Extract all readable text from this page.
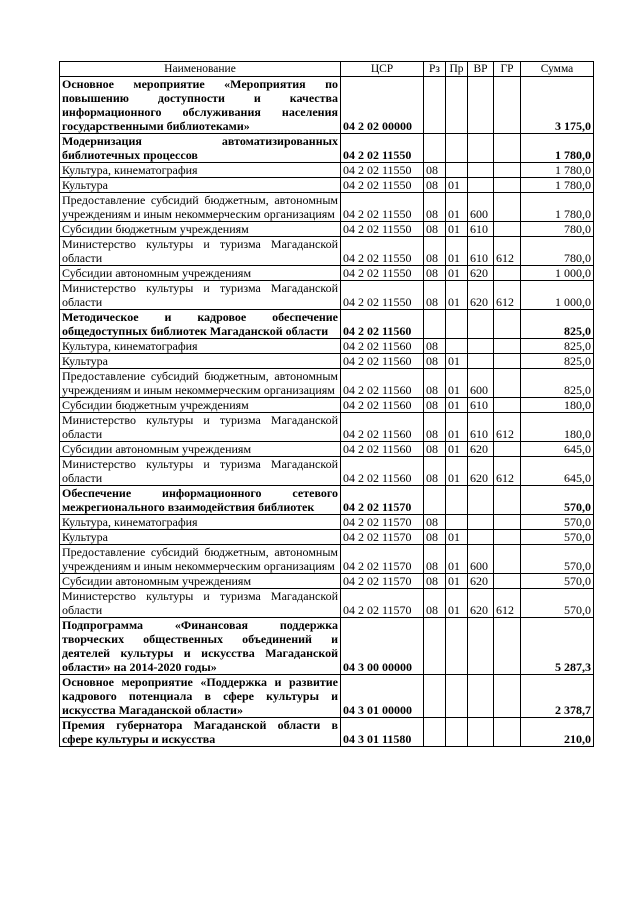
Наименование	ЦСР	Рз	Пр	ВР	ГР	Сумма
Основное мероприятие «Мероприятия по повышению доступности и качества информационного обслуживания населения государственными библиотеками»	04 2 02 00000					3 175,0
Модернизация автоматизированных библиотечных процессов	04 2 02 11550					1 780,0
Культура, кинематография	04 2 02 11550	08				1 780,0
Культура	04 2 02 11550	08	01			1 780,0
Предоставление субсидий бюджетным, автономным учреждениям и иным некоммерческим организациям	04 2 02 11550	08	01	600		1 780,0
Субсидии бюджетным учреждениям	04 2 02 11550	08	01	610		780,0
Министерство культуры и туризма Магаданской области	04 2 02 11550	08	01	610	612	780,0
Субсидии автономным учреждениям	04 2 02 11550	08	01	620		1 000,0
Министерство культуры и туризма Магаданской области	04 2 02 11550	08	01	620	612	1 000,0
Методическое и кадровое обеспечение общедоступных библиотек Магаданской области	04 2 02 11560					825,0
Культура, кинематография	04 2 02 11560	08				825,0
Культура	04 2 02 11560	08	01			825,0
Предоставление субсидий бюджетным, автономным учреждениям и иным некоммерческим организациям	04 2 02 11560	08	01	600		825,0
Субсидии бюджетным учреждениям	04 2 02 11560	08	01	610		180,0
Министерство культуры и туризма Магаданской области	04 2 02 11560	08	01	610	612	180,0
Субсидии автономным учреждениям	04 2 02 11560	08	01	620		645,0
Министерство культуры и туризма Магаданской области	04 2 02 11560	08	01	620	612	645,0
Обеспечение информационного сетевого межрегионального взаимодействия библиотек	04 2 02 11570					570,0
Культура, кинематография	04 2 02 11570	08				570,0
Культура	04 2 02 11570	08	01			570,0
Предоставление субсидий бюджетным, автономным учреждениям и иным некоммерческим организациям	04 2 02 11570	08	01	600		570,0
Субсидии автономным учреждениям	04 2 02 11570	08	01	620		570,0
Министерство культуры и туризма Магаданской области	04 2 02 11570	08	01	620	612	570,0
Подпрограмма «Финансовая поддержка творческих общественных объединений и деятелей культуры и искусства Магаданской области» на 2014-2020 годы»	04 3 00 00000					5 287,3
Основное мероприятие «Поддержка и развитие кадрового потенциала в сфере культуры и искусства Магаданской области»	04 3 01 00000					2 378,7
Премия губернатора Магаданской области в сфере культуры и искусства	04 3 01 11580					210,0
